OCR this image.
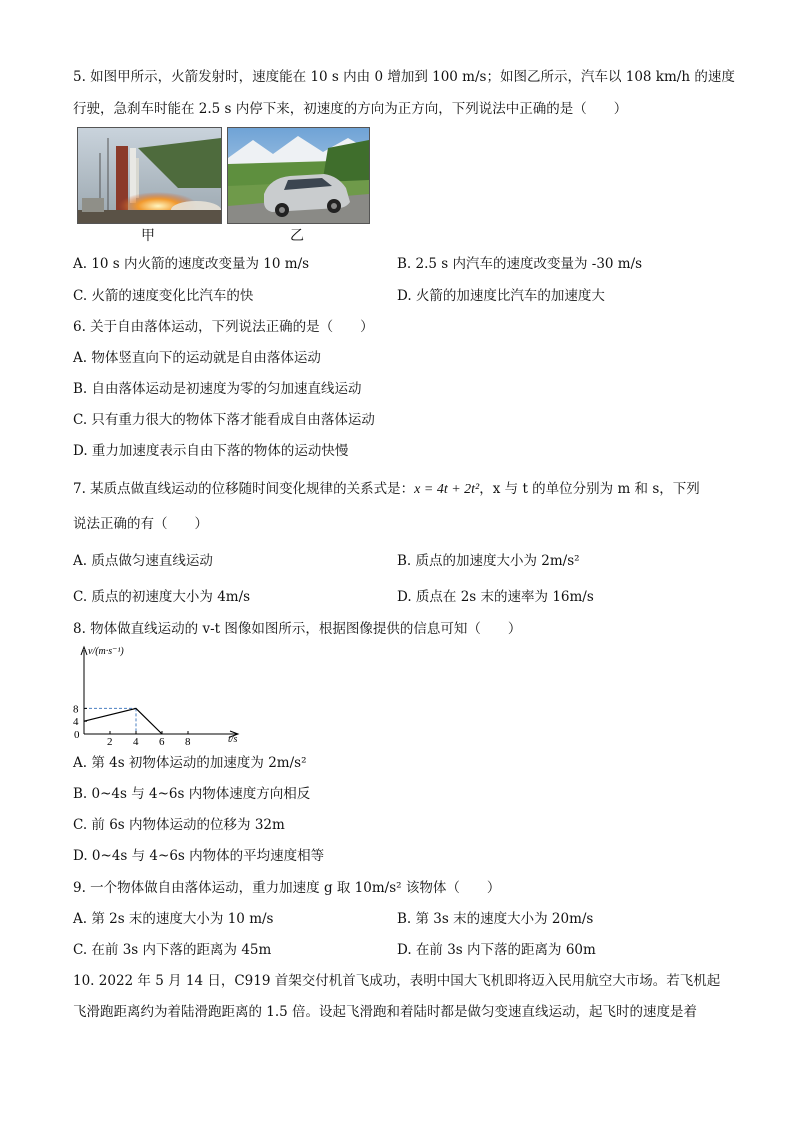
5. 如图甲所示，火箭发射时，速度能在 10 s 内由 0 增加到 100 m/s；如图乙所示，汽车以 108 km/h 的速度
行驶，急刹车时能在 2.5 s 内停下来，初速度的方向为正方向，下列说法中正确的是（　　）
甲	乙
A. 10 s 内火箭的速度改变量为 10 m/s	B. 2.5 s 内汽车的速度改变量为 -30 m/s
C. 火箭的速度变化比汽车的快	D. 火箭的加速度比汽车的加速度大
6. 关于自由落体运动，下列说法正确的是（　　）
A. 物体竖直向下的运动就是自由落体运动
B. 自由落体运动是初速度为零的匀加速直线运动
C. 只有重力很大的物体下落才能看成自由落体运动
D. 重力加速度表示自由下落的物体的运动快慢
7. 某质点做直线运动的位移随时间变化规律的关系式是：x = 4t + 2t²，x 与 t 的单位分别为 m 和 s，下列
说法正确的有（　　）
A. 质点做匀速直线运动	B. 质点的加速度大小为 2m/s²
C. 质点的初速度大小为 4m/s	D. 质点在 2s 末的速率为 16m/s
8. 物体做直线运动的 v-t 图像如图所示，根据图像提供的信息可知（　　）
v/(m·s⁻¹)
t/s
0
2 4 6 8
4
8
A. 第 4s 初物体运动的加速度为 2m/s²
B. 0~4s 与 4~6s 内物体速度方向相反
C. 前 6s 内物体运动的位移为 32m
D. 0~4s 与 4~6s 内物体的平均速度相等
9. 一个物体做自由落体运动，重力加速度 g 取 10m/s² 该物体（　　）
A. 第 2s 末的速度大小为 10 m/s	B. 第 3s 末的速度大小为 20m/s
C. 在前 3s 内下落的距离为 45m	D. 在前 3s 内下落的距离为 60m
10. 2022 年 5 月 14 日，C919 首架交付机首飞成功，表明中国大飞机即将迈入民用航空大市场。若飞机起
飞滑跑距离约为着陆滑跑距离的 1.5 倍。设起飞滑跑和着陆时都是做匀变速直线运动，起飞时的速度是着
